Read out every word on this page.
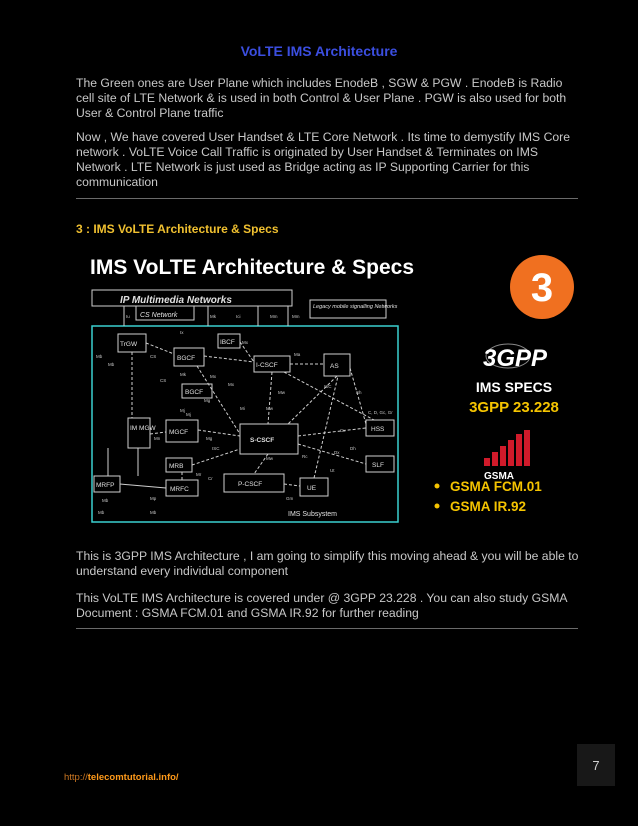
VoLTE IMS Architecture
The Green ones are User Plane which includes EnodeB , SGW & PGW . EnodeB is Radio cell site of LTE Network & is used in both Control & User Plane . PGW is also used for both User & Control Plane traffic
Now , We have covered User Handset & LTE Core Network . Its time to demystify IMS Core network . VoLTE Voice Call Traffic is originated by User Handset & Terminates on IMS Network . LTE Network is just used as Bridge acting as IP Supporting Carrier for this communication
3 : IMS VoLTE Architecture & Specs
IMS VoLTE Architecture & Specs	3
3GPP
IMS SPECS
3GPP 23.228
GSMA
GSMA FCM.01
GSMA IR.92
IP Multimedia Networks
CS Network
Legacy mobile signalling Networks
IMS Subsystem
TrGW
BGCF
BGCF
IBCF
I-CSCF	AS
IM MGW
MGCF
S-CSCF
HSS
SLF
MRB
MRFC
P-CSCF
UE
MRFP
Iu
Ix
Mb
Mk	Ici	Mm	Mm
CS
Mx
Ma
Mb
CS
Mk
Mj
Mx
Mx
Mw	Sh
ISC
C, D, Gc, Gr
Mg
Mi
Mj
Mw
Cx
Dh
Mn	Mg
ISC
Mr
Rc
Dx
Ut
Mw
Cr
Mp	Gm
Mb
Mb	Mb
This is 3GPP IMS Architecture , I am going to simplify this moving ahead & you will be able to understand every individual component
This VoLTE IMS Architecture is covered under @ 3GPP 23.228 . You can also study GSMA Document : GSMA FCM.01 and GSMA IR.92 for further reading
7
http://telecomtutorial.info/
